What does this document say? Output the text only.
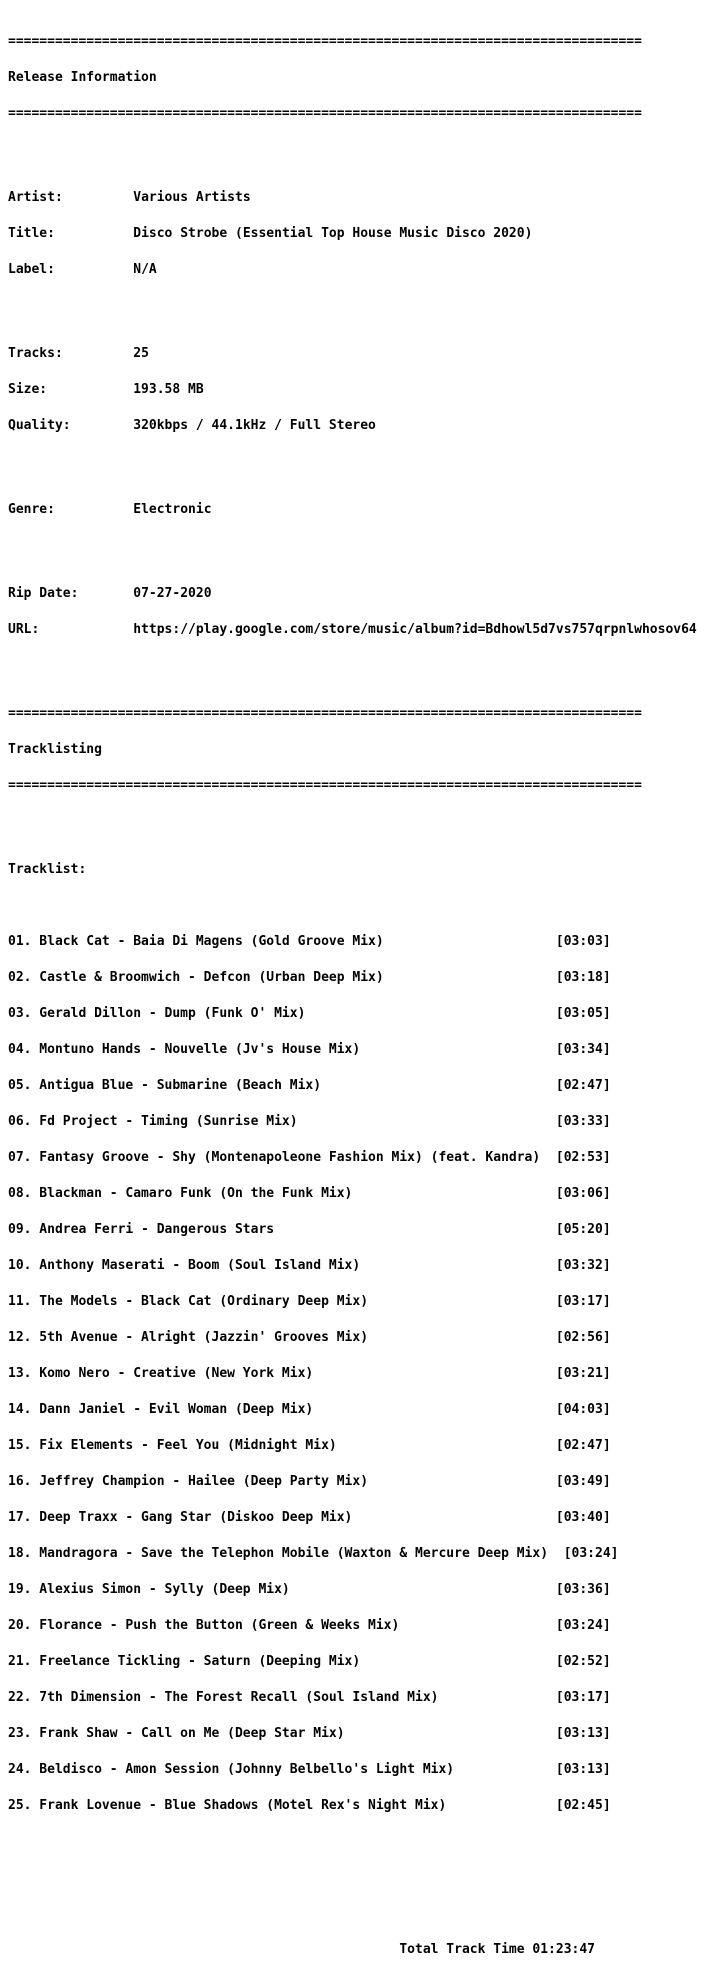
=================================================================================

Release Information

=================================================================================

Artist:	Various Artists

Title:	Disco Strobe (Essential Top House Music Disco 2020)

Label:	N/A

Tracks:	25

Size:	193.58 MB

Quality:	320kbps / 44.1kHz / Full Stereo

Genre:	Electronic

Rip Date:	07-27-2020

URL:	https://play.google.com/store/music/album?id=Bdhowl5d7vs757qrpnlwhosov64

=================================================================================

Tracklisting

=================================================================================

Tracklist:

01. Black Cat - Baia Di Magens (Gold Groove Mix)                      [03:03]

02. Castle & Broomwich - Defcon (Urban Deep Mix)                      [03:18]

03. Gerald Dillon - Dump (Funk O' Mix)                                [03:05]

04. Montuno Hands - Nouvelle (Jv's House Mix)                         [03:34]

05. Antigua Blue - Submarine (Beach Mix)                              [02:47]

06. Fd Project - Timing (Sunrise Mix)                                 [03:33]

07. Fantasy Groove - Shy (Montenapoleone Fashion Mix) (feat. Kandra)  [02:53]

08. Blackman - Camaro Funk (On the Funk Mix)                          [03:06]

09. Andrea Ferri - Dangerous Stars                                    [05:20]

10. Anthony Maserati - Boom (Soul Island Mix)                         [03:32]

11. The Models - Black Cat (Ordinary Deep Mix)                        [03:17]

12. 5th Avenue - Alright (Jazzin' Grooves Mix)                        [02:56]

13. Komo Nero - Creative (New York Mix)                               [03:21]

14. Dann Janiel - Evil Woman (Deep Mix)                               [04:03]

15. Fix Elements - Feel You (Midnight Mix)                            [02:47]

16. Jeffrey Champion - Hailee (Deep Party Mix)                        [03:49]

17. Deep Traxx - Gang Star (Diskoo Deep Mix)                          [03:40]

18. Mandragora - Save the Telephon Mobile (Waxton & Mercure Deep Mix)  [03:24]

19. Alexius Simon - Sylly (Deep Mix)                                  [03:36]

20. Florance - Push the Button (Green & Weeks Mix)                    [03:24]

21. Freelance Tickling - Saturn (Deeping Mix)                         [02:52]

22. 7th Dimension - The Forest Recall (Soul Island Mix)               [03:17]

23. Frank Shaw - Call on Me (Deep Star Mix)                           [03:13]

24. Beldisco - Amon Session (Johnny Belbello's Light Mix)             [03:13]

25. Frank Lovenue - Blue Shadows (Motel Rex's Night Mix)              [02:45]

Total Track Time 01:23:47
